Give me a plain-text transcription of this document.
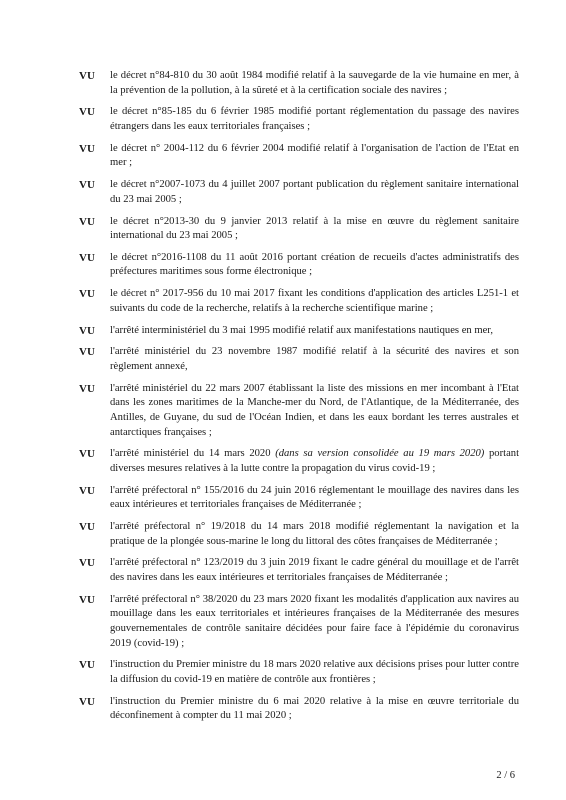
VU	le décret n°84-810 du 30 août 1984 modifié relatif à la sauvegarde de la vie humaine en mer, à la prévention de la pollution, à la sûreté et à la certification sociale des navires ;
VU	le décret n°85-185 du 6 février 1985 modifié portant réglementation du passage des navires étrangers dans les eaux territoriales françaises ;
VU	le décret n° 2004-112 du 6 février 2004 modifié relatif à l'organisation de l'action de l'Etat en mer ;
VU	le décret n°2007-1073 du 4 juillet 2007 portant publication du règlement sanitaire international du 23 mai 2005 ;
VU	le décret n°2013-30 du 9 janvier 2013 relatif à la mise en œuvre du règlement sanitaire international du 23 mai 2005 ;
VU	le décret n°2016-1108 du 11 août 2016 portant création de recueils d'actes administratifs des préfectures maritimes sous forme électronique ;
VU	le décret n° 2017-956 du 10 mai 2017 fixant les conditions d'application des articles L251-1 et suivants du code de la recherche, relatifs à la recherche scientifique marine ;
VU	l'arrêté interministériel du 3 mai 1995 modifié relatif aux manifestations nautiques en mer,
VU	l'arrêté ministériel du 23 novembre 1987 modifié relatif à la sécurité des navires et son règlement annexé,
VU	l'arrêté ministériel du 22 mars 2007 établissant la liste des missions en mer incombant à l'Etat dans les zones maritimes de la Manche-mer du Nord, de l'Atlantique, de la Méditerranée, des Antilles, de Guyane, du sud de l'Océan Indien, et dans les eaux bordant les terres australes et antarctiques françaises ;
VU	l'arrêté ministériel du 14 mars 2020 (dans sa version consolidée au 19 mars 2020) portant diverses mesures relatives à la lutte contre la propagation du virus covid-19 ;
VU	l'arrêté préfectoral n° 155/2016 du 24 juin 2016 réglementant le mouillage des navires dans les eaux intérieures et territoriales françaises de Méditerranée ;
VU	l'arrêté préfectoral n° 19/2018 du 14 mars 2018 modifié réglementant la navigation et la pratique de la plongée sous-marine le long du littoral des côtes françaises de Méditerranée ;
VU	l'arrêté préfectoral n° 123/2019 du 3 juin 2019 fixant le cadre général du mouillage et de l'arrêt des navires dans les eaux intérieures et territoriales françaises de Méditerranée ;
VU	l'arrêté préfectoral n° 38/2020 du 23 mars 2020 fixant les modalités d'application aux navires au mouillage dans les eaux territoriales et intérieures françaises de la Méditerranée des mesures gouvernementales de contrôle sanitaire décidées pour faire face à l'épidémie du coronavirus 2019 (covid-19) ;
VU	l'instruction du Premier ministre du 18 mars 2020 relative aux décisions prises pour lutter contre la diffusion du covid-19 en matière de contrôle aux frontières ;
VU	l'instruction du Premier ministre du 6 mai 2020 relative à la mise en œuvre territoriale du déconfinement à compter du 11 mai 2020 ;
2 / 6
